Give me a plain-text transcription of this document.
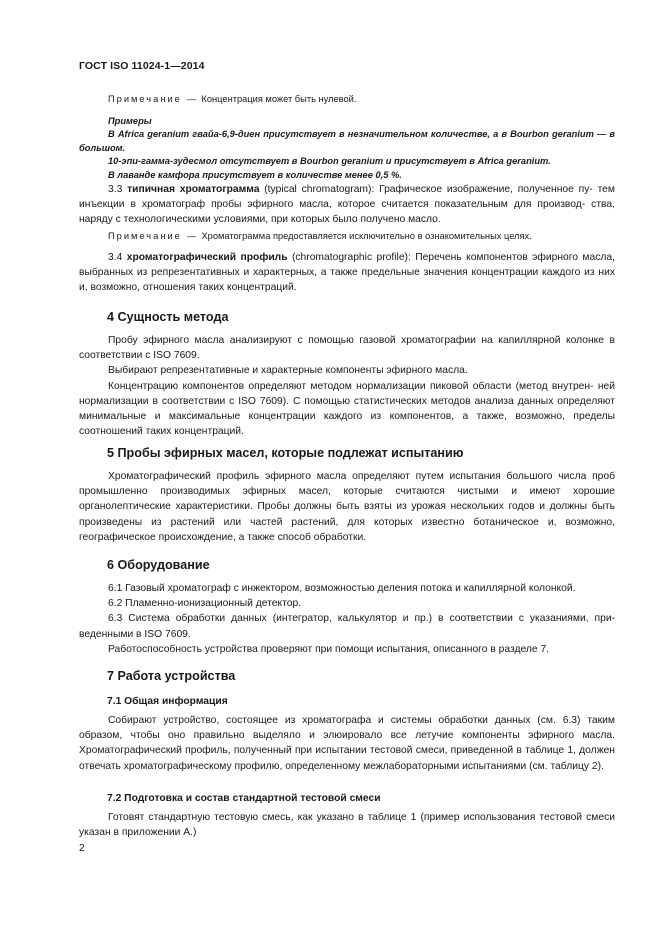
ГОСТ ISO 11024-1—2014

Примечание — Концентрация может быть нулевой.

Примеры

В Africa geranium гвайа-6,9-диен присутствует в незначительном количестве, а в Bourbon geranium — в большом.

10-эпи-гамма-зудесмол отсутствует в Bourbon geranium и присутствует в Africa geranium.

В лаванде камфора присутствует в количестве менее 0,5 %.

3.3 типичная хроматограмма (typical chromatogram): Графическое изображение, полученное пу- тем инъекции в хроматограф пробы эфирного масла, которое считается показательным для производ- ства, наряду с технологическими условиями, при которых было получено масло.

Примечание — Хроматограмма предоставляется исключительно в ознакомительных целях.

3.4 хроматографический профиль (chromatographic profile): Перечень компонентов эфирного масла, выбранных из репрезентативных и характерных, а также предельные значения концентрации каждого из них и, возможно, отношения таких концентраций.

4 Сущность метода

Пробу эфирного масла анализируют с помощью газовой хроматографии на капиллярной колонке в соответствии с ISO 7609.

Выбирают репрезентативные и характерные компоненты эфирного масла.

Концентрацию компонентов определяют методом нормализации пиковой области (метод внутрен- ней нормализации в соответствии с ISO 7609). С помощью статистических методов анализа данных определяют минимальные и максимальные концентрации каждого из компонентов, а также, возможно, пределы соотношений таких концентраций.

5 Пробы эфирных масел, которые подлежат испытанию

Хроматографический профиль эфирного масла определяют путем испытания большого числа проб промышленно производимых эфирных масел, которые считаются чистыми и имеют хорошие органолептические характеристики. Пробы должны быть взяты из урожая нескольких годов и должны быть произведены из растений или частей растений, для которых известно ботаническое и, возможно, географическое происхождение, а также способ обработки.

6 Оборудование

6.1 Газовый хроматограф с инжектором, возможностью деления потока и капиллярной колонкой.

6.2 Пламенно-ионизационный детектор.

6.3 Система обработки данных (интегратор, калькулятор и пр.) в соответствии с указаниями, при- веденными в ISO 7609.

Работоспособность устройства проверяют при помощи испытания, описанного в разделе 7.

7 Работа устройства
7.1 Общая информация

Собирают устройство, состоящее из хроматографа и системы обработки данных (см. 6.3) таким образом, чтобы оно правильно выделяло и элюировало все летучие компоненты эфирного масла. Хроматографический профиль, полученный при испытании тестовой смеси, приведенной в таблице 1, должен отвечать хроматографическому профилю, определенному межлабораторными испытаниями (см. таблицу 2).

7.2 Подготовка и состав стандартной тестовой смеси

Готовят стандартную тестовую смесь, как указано в таблице 1 (пример использования тестовой смеси указан в приложении А.)

2
